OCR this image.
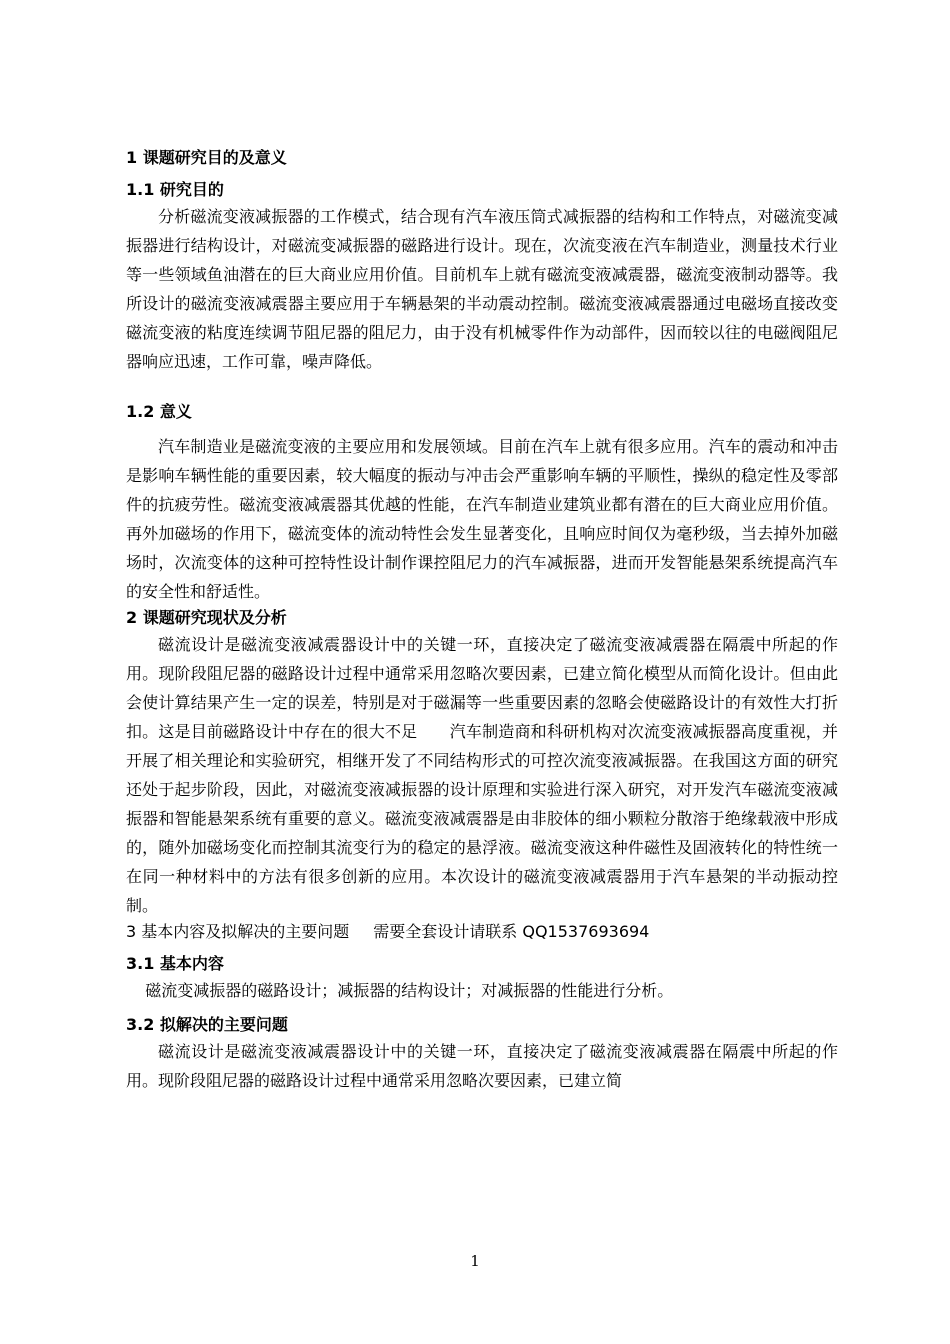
1 课题研究目的及意义
1.1 研究目的

分析磁流变液减振器的工作模式，结合现有汽车液压筒式减振器的结构和工作特点，对磁流变减振器进行结构设计，对磁流变减振器的磁路进行设计。现在，次流变液在汽车制造业，测量技术行业等一些领域鱼油潜在的巨大商业应用价值。目前机车上就有磁流变液减震器，磁流变液制动器等。我所设计的磁流变液减震器主要应用于车辆悬架的半动震动控制。磁流变液减震器通过电磁场直接改变磁流变液的粘度连续调节阻尼器的阻尼力，由于没有机械零件作为动部件，因而较以往的电磁阀阻尼器响应迅速，工作可靠，噪声降低。

1.2 意义

汽车制造业是磁流变液的主要应用和发展领域。目前在汽车上就有很多应用。汽车的震动和冲击是影响车辆性能的重要因素，较大幅度的振动与冲击会严重影响车辆的平顺性，操纵的稳定性及零部件的抗疲劳性。磁流变液减震器其优越的性能，在汽车制造业建筑业都有潜在的巨大商业应用价值。再外加磁场的作用下，磁流变体的流动特性会发生显著变化，且响应时间仅为毫秒级，当去掉外加磁场时，次流变体的这种可控特性设计制作课控阻尼力的汽车减振器，进而开发智能悬架系统提高汽车的安全性和舒适性。

2 课题研究现状及分析

磁流设计是磁流变液减震器设计中的关键一环，直接决定了磁流变液减震器在隔震中所起的作用。现阶段阻尼器的磁路设计过程中通常采用忽略次要因素，已建立简化模型从而简化设计。但由此会使计算结果产生一定的误差，特别是对于磁漏等一些重要因素的忽略会使磁路设计的有效性大打折扣。这是目前磁路设计中存在的很大不足　　汽车制造商和科研机构对次流变液减振器高度重视，并开展了相关理论和实验研究，相继开发了不同结构形式的可控次流变液减振器。在我国这方面的研究还处于起步阶段，因此，对磁流变液减振器的设计原理和实验进行深入研究，对开发汽车磁流变液减振器和智能悬架系统有重要的意义。磁流变液减震器是由非胶体的细小颗粒分散溶于绝缘载液中形成的，随外加磁场变化而控制其流变行为的稳定的悬浮液。磁流变液这种件磁性及固液转化的特性统一在同一种材料中的方法有很多创新的应用。本次设计的磁流变液减震器用于汽车悬架的半动振动控制。

3 基本内容及拟解决的主要问题 需要全套设计请联系 QQ1537693694
3.1 基本内容

磁流变减振器的磁路设计；减振器的结构设计；对减振器的性能进行分析。

3.2 拟解决的主要问题

磁流设计是磁流变液减震器设计中的关键一环，直接决定了磁流变液减震器在隔震中所起的作用。现阶段阻尼器的磁路设计过程中通常采用忽略次要因素，已建立简

1
